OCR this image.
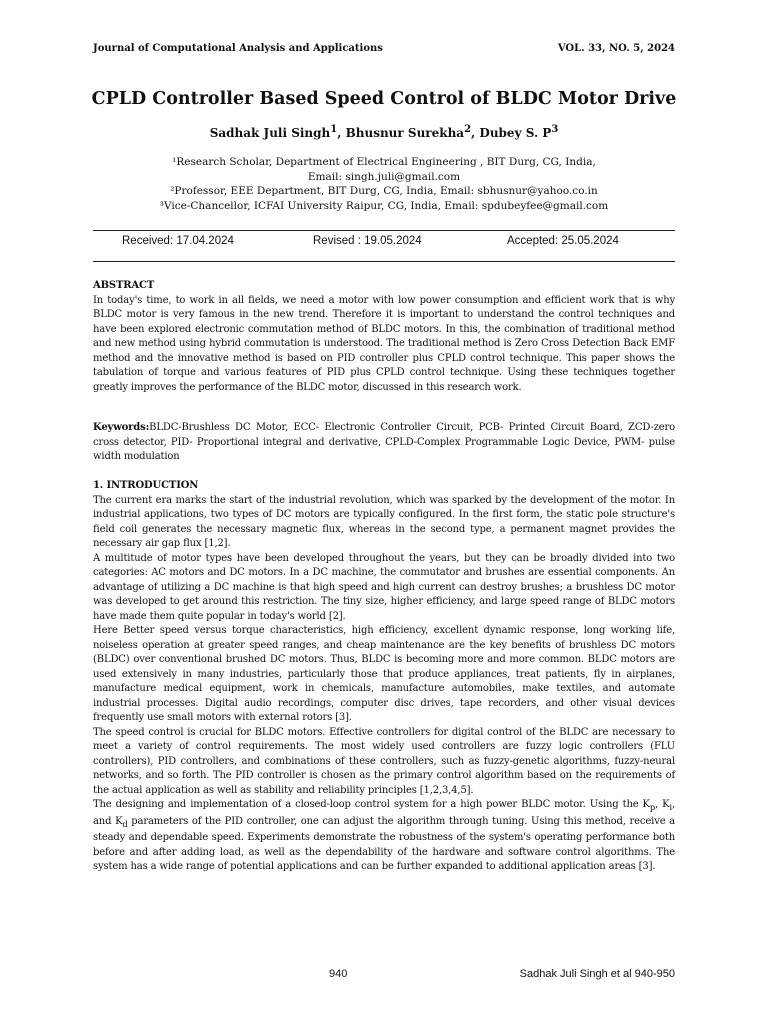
Journal of Computational Analysis and Applications	VOL. 33, NO. 5, 2024
CPLD Controller Based Speed Control of BLDC Motor Drive
Sadhak Juli Singh$^1$, Bhusnur Surekha$^2$, Dubey S. $P^3$
¹Research Scholar, Department of Electrical Engineering , BIT Durg, CG, India,
Email: singh.juli@gmail.com
²Professor, EEE Department, BIT Durg, CG, India, Email: sbhusnur@yahoo.co.in
³Vice-Chancellor, ICFAI University Raipur, CG, India, Email: spdubeyfee@gmail.com
Received: 17.04.2024	Revised : 19.05.2024	Accepted: 25.05.2024

ABSTRACT

In today's time, to work in all fields, we need a motor with low power consumption and efficient work that is why BLDC motor is very famous in the new trend. Therefore it is important to understand the control techniques and have been explored electronic commutation method of BLDC motors. In this, the combination of traditional method and new method using hybrid commutation is understood. The traditional method is Zero Cross Detection Back EMF method and the innovative method is based on PID controller plus CPLD control technique. This paper shows the tabulation of torque and various features of PID plus CPLD control technique. Using these techniques together greatly improves the performance of the BLDC motor, discussed in this research work.

Keywords:BLDC-Brushless DC Motor, ECC- Electronic Controller Circuit, PCB- Printed Circuit Board, ZCD-zero cross detector, PID- Proportional integral and derivative, CPLD-Complex Programmable Logic Device, PWM- pulse width modulation

1. INTRODUCTION

The current era marks the start of the industrial revolution, which was sparked by the development of the motor. In industrial applications, two types of DC motors are typically configured. In the first form, the static pole structure's field coil generates the necessary magnetic flux, whereas in the second type, a permanent magnet provides the necessary air gap flux [1,2].

A multitude of motor types have been developed throughout the years, but they can be broadly divided into two categories: AC motors and DC motors. In a DC machine, the commutator and brushes are essential components. An advantage of utilizing a DC machine is that high speed and high current can destroy brushes; a brushless DC motor was developed to get around this restriction. The tiny size, higher efficiency, and large speed range of BLDC motors have made them quite popular in today's world [2].

Here Better speed versus torque characteristics, high efficiency, excellent dynamic response, long working life, noiseless operation at greater speed ranges, and cheap maintenance are the key benefits of brushless DC motors (BLDC) over conventional brushed DC motors. Thus, BLDC is becoming more and more common. BLDC motors are used extensively in many industries, particularly those that produce appliances, treat patients, fly in airplanes, manufacture medical equipment, work in chemicals, manufacture automobiles, make textiles, and automate industrial processes. Digital audio recordings, computer disc drives, tape recorders, and other visual devices frequently use small motors with external rotors [3].

The speed control is crucial for BLDC motors. Effective controllers for digital control of the BLDC are necessary to meet a variety of control requirements. The most widely used controllers are fuzzy logic controllers (FLU controllers), PID controllers, and combinations of these controllers, such as fuzzy-genetic algorithms, fuzzy-neural networks, and so forth. The PID controller is chosen as the primary control algorithm based on the requirements of the actual application as well as stability and reliability principles [1,2,3,4,5].

The designing and implementation of a closed-loop control system for a high power BLDC motor. Using the $K_p$, $K_i$, and $K_d$ parameters of the PID controller, one can adjust the algorithm through tuning. Using this method, receive a steady and dependable speed. Experiments demonstrate the robustness of the system's operating performance both before and after adding load, as well as the dependability of the hardware and software control algorithms. The system has a wide range of potential applications and can be further expanded to additional application areas [3].

940	Sadhak Juli Singh et al 940-950
